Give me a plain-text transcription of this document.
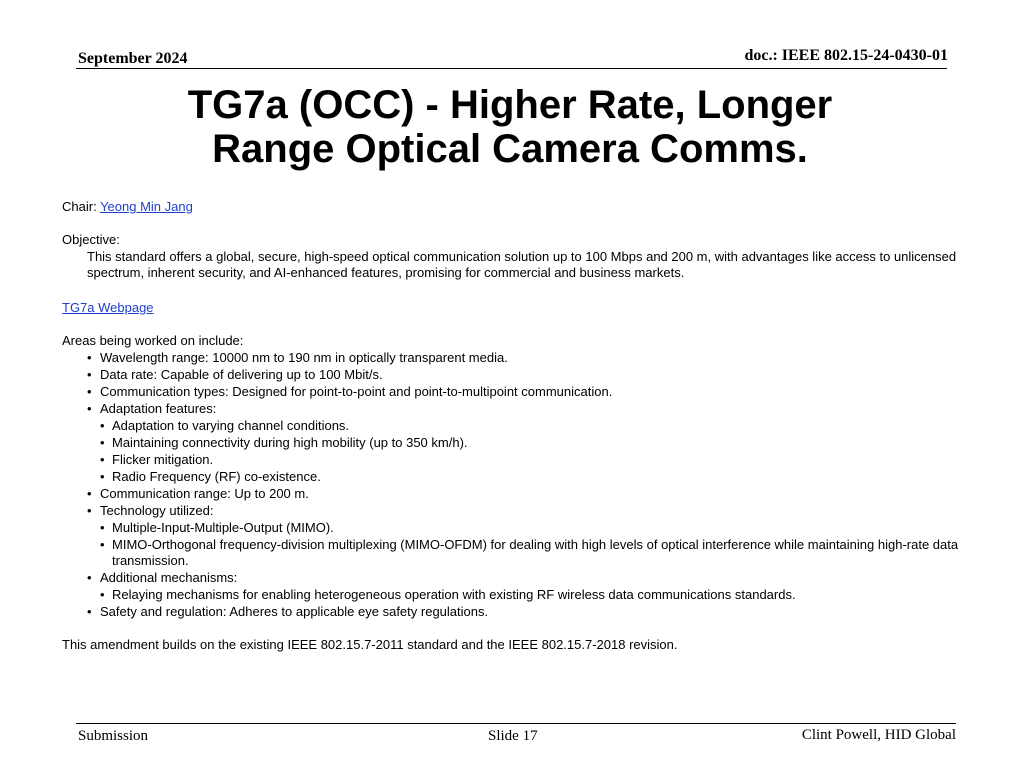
September 2024	doc.: IEEE 802.15-24-0430-01
TG7a (OCC) - Higher Rate, Longer
Range Optical Camera Comms.

Chair: Yeong Min Jang

Objective:

This standard offers a global, secure, high-speed optical communication solution up to 100 Mbps and 200 m, with advantages like access to unlicensed spectrum, inherent security, and AI-enhanced features, promising for commercial and business markets.

TG7a Webpage

Areas being worked on include:

• Wavelength range: 10000 nm to 190 nm in optically transparent media.
• Data rate: Capable of delivering up to 100 Mbit/s.
• Communication types: Designed for point-to-point and point-to-multipoint communication.
• Adaptation features:
• Adaptation to varying channel conditions.
• Maintaining connectivity during high mobility (up to 350 km/h).
• Flicker mitigation.
• Radio Frequency (RF) co-existence.
• Communication range: Up to 200 m.
• Technology utilized:
• Multiple-Input-Multiple-Output (MIMO).
• MIMO-Orthogonal frequency-division multiplexing (MIMO-OFDM) for dealing with high levels of optical interference while maintaining high-rate data transmission.
• Additional mechanisms:
• Relaying mechanisms for enabling heterogeneous operation with existing RF wireless data communications standards.
• Safety and regulation: Adheres to applicable eye safety regulations.

This amendment builds on the existing IEEE 802.15.7-2011 standard and the IEEE 802.15.7-2018 revision.

Submission	Slide 17	Clint Powell, HID Global
